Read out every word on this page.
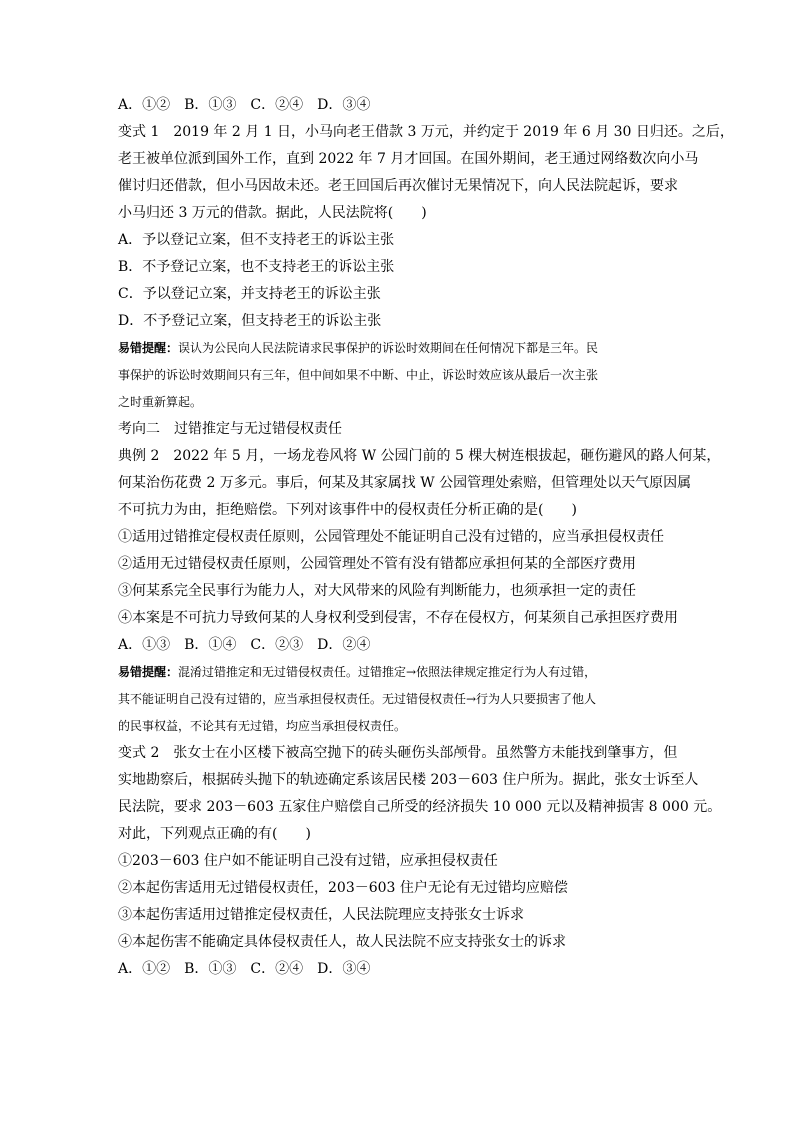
A．①②　B．①③　C．②④　D．③④
变式 1　2019 年 2 月 1 日，小马向老王借款 3 万元，并约定于 2019 年 6 月 30 日归还。之后，
老王被单位派到国外工作，直到 2022 年 7 月才回国。在国外期间，老王通过网络数次向小马
催讨归还借款，但小马因故未还。老王回国后再次催讨无果情况下，向人民法院起诉，要求
小马归还 3 万元的借款。据此，人民法院将(　　)
A．予以登记立案，但不支持老王的诉讼主张
B．不予登记立案，也不支持老王的诉讼主张
C．予以登记立案，并支持老王的诉讼主张
D．不予登记立案，但支持老王的诉讼主张
易错提醒：误认为公民向人民法院请求民事保护的诉讼时效期间在任何情况下都是三年。民
事保护的诉讼时效期间只有三年，但中间如果不中断、中止，诉讼时效应该从最后一次主张
之时重新算起。
考向二　过错推定与无过错侵权责任
典例 2　2022 年 5 月，一场龙卷风将 W 公园门前的 5 棵大树连根拔起，砸伤避风的路人何某，
何某治伤花费 2 万多元。事后，何某及其家属找 W 公园管理处索赔，但管理处以天气原因属
不可抗力为由，拒绝赔偿。下列对该事件中的侵权责任分析正确的是(　　)
①适用过错推定侵权责任原则，公园管理处不能证明自己没有过错的，应当承担侵权责任
②适用无过错侵权责任原则，公园管理处不管有没有错都应承担何某的全部医疗费用
③何某系完全民事行为能力人，对大风带来的风险有判断能力，也须承担一定的责任
④本案是不可抗力导致何某的人身权利受到侵害，不存在侵权方，何某须自己承担医疗费用
A．①③　B．①④　C．②③　D．②④
易错提醒：混淆过错推定和无过错侵权责任。过错推定→依照法律规定推定行为人有过错，
其不能证明自己没有过错的，应当承担侵权责任。无过错侵权责任→行为人只要损害了他人
的民事权益，不论其有无过错，均应当承担侵权责任。
变式 2　张女士在小区楼下被高空抛下的砖头砸伤头部颅骨。虽然警方未能找到肇事方，但
实地勘察后，根据砖头抛下的轨迹确定系该居民楼 203－603 住户所为。据此，张女士诉至人
民法院，要求 203－603 五家住户赔偿自己所受的经济损失 10 000 元以及精神损害 8 000 元。
对此，下列观点正确的有(　　)
①203－603 住户如不能证明自己没有过错，应承担侵权责任
②本起伤害适用无过错侵权责任，203－603 住户无论有无过错均应赔偿
③本起伤害适用过错推定侵权责任，人民法院理应支持张女士诉求
④本起伤害不能确定具体侵权责任人，故人民法院不应支持张女士的诉求
A．①②　B．①③　C．②④　D．③④
